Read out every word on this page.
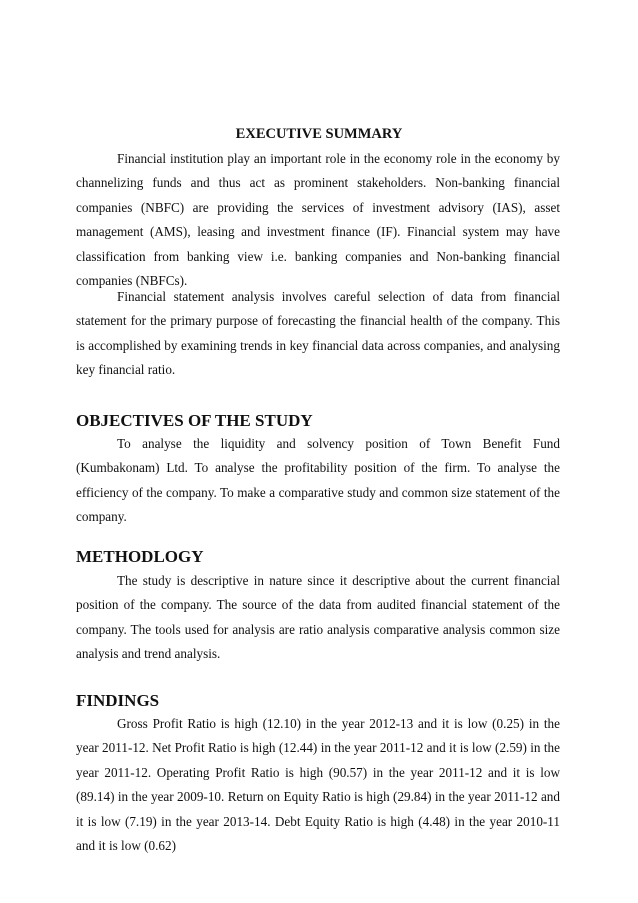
EXECUTIVE SUMMARY

Financial institution play an important role in the economy role in the economy by channelizing funds and thus act as prominent stakeholders. Non-banking financial companies (NBFC) are providing the services of investment advisory (IAS), asset management (AMS), leasing and investment finance (IF). Financial system may have classification from banking view i.e. banking companies and Non-banking financial companies (NBFCs).

Financial statement analysis involves careful selection of data from financial statement for the primary purpose of forecasting the financial health of the company. This is accomplished by examining trends in key financial data across companies, and analysing key financial ratio.

OBJECTIVES OF THE STUDY

To analyse the liquidity and solvency position of Town Benefit Fund (Kumbakonam) Ltd. To analyse the profitability position of the firm. To analyse the efficiency of the company. To make a comparative study and common size statement of the company.

METHODLOGY

The study is descriptive in nature since it descriptive about the current financial position of the company. The source of the data from audited financial statement of the company. The tools used for analysis are ratio analysis comparative analysis common size analysis and trend analysis.

FINDINGS

Gross Profit Ratio is high (12.10) in the year 2012-13 and it is low (0.25) in the year 2011-12. Net Profit Ratio is high (12.44) in the year 2011-12 and it is low (2.59) in the year 2011-12. Operating Profit Ratio is high (90.57) in the year 2011-12 and it is low (89.14) in the year 2009-10. Return on Equity Ratio is high (29.84) in the year 2011-12 and it is low (7.19) in the year 2013-14. Debt Equity Ratio is high (4.48) in the year 2010-11 and it is low (0.62)
